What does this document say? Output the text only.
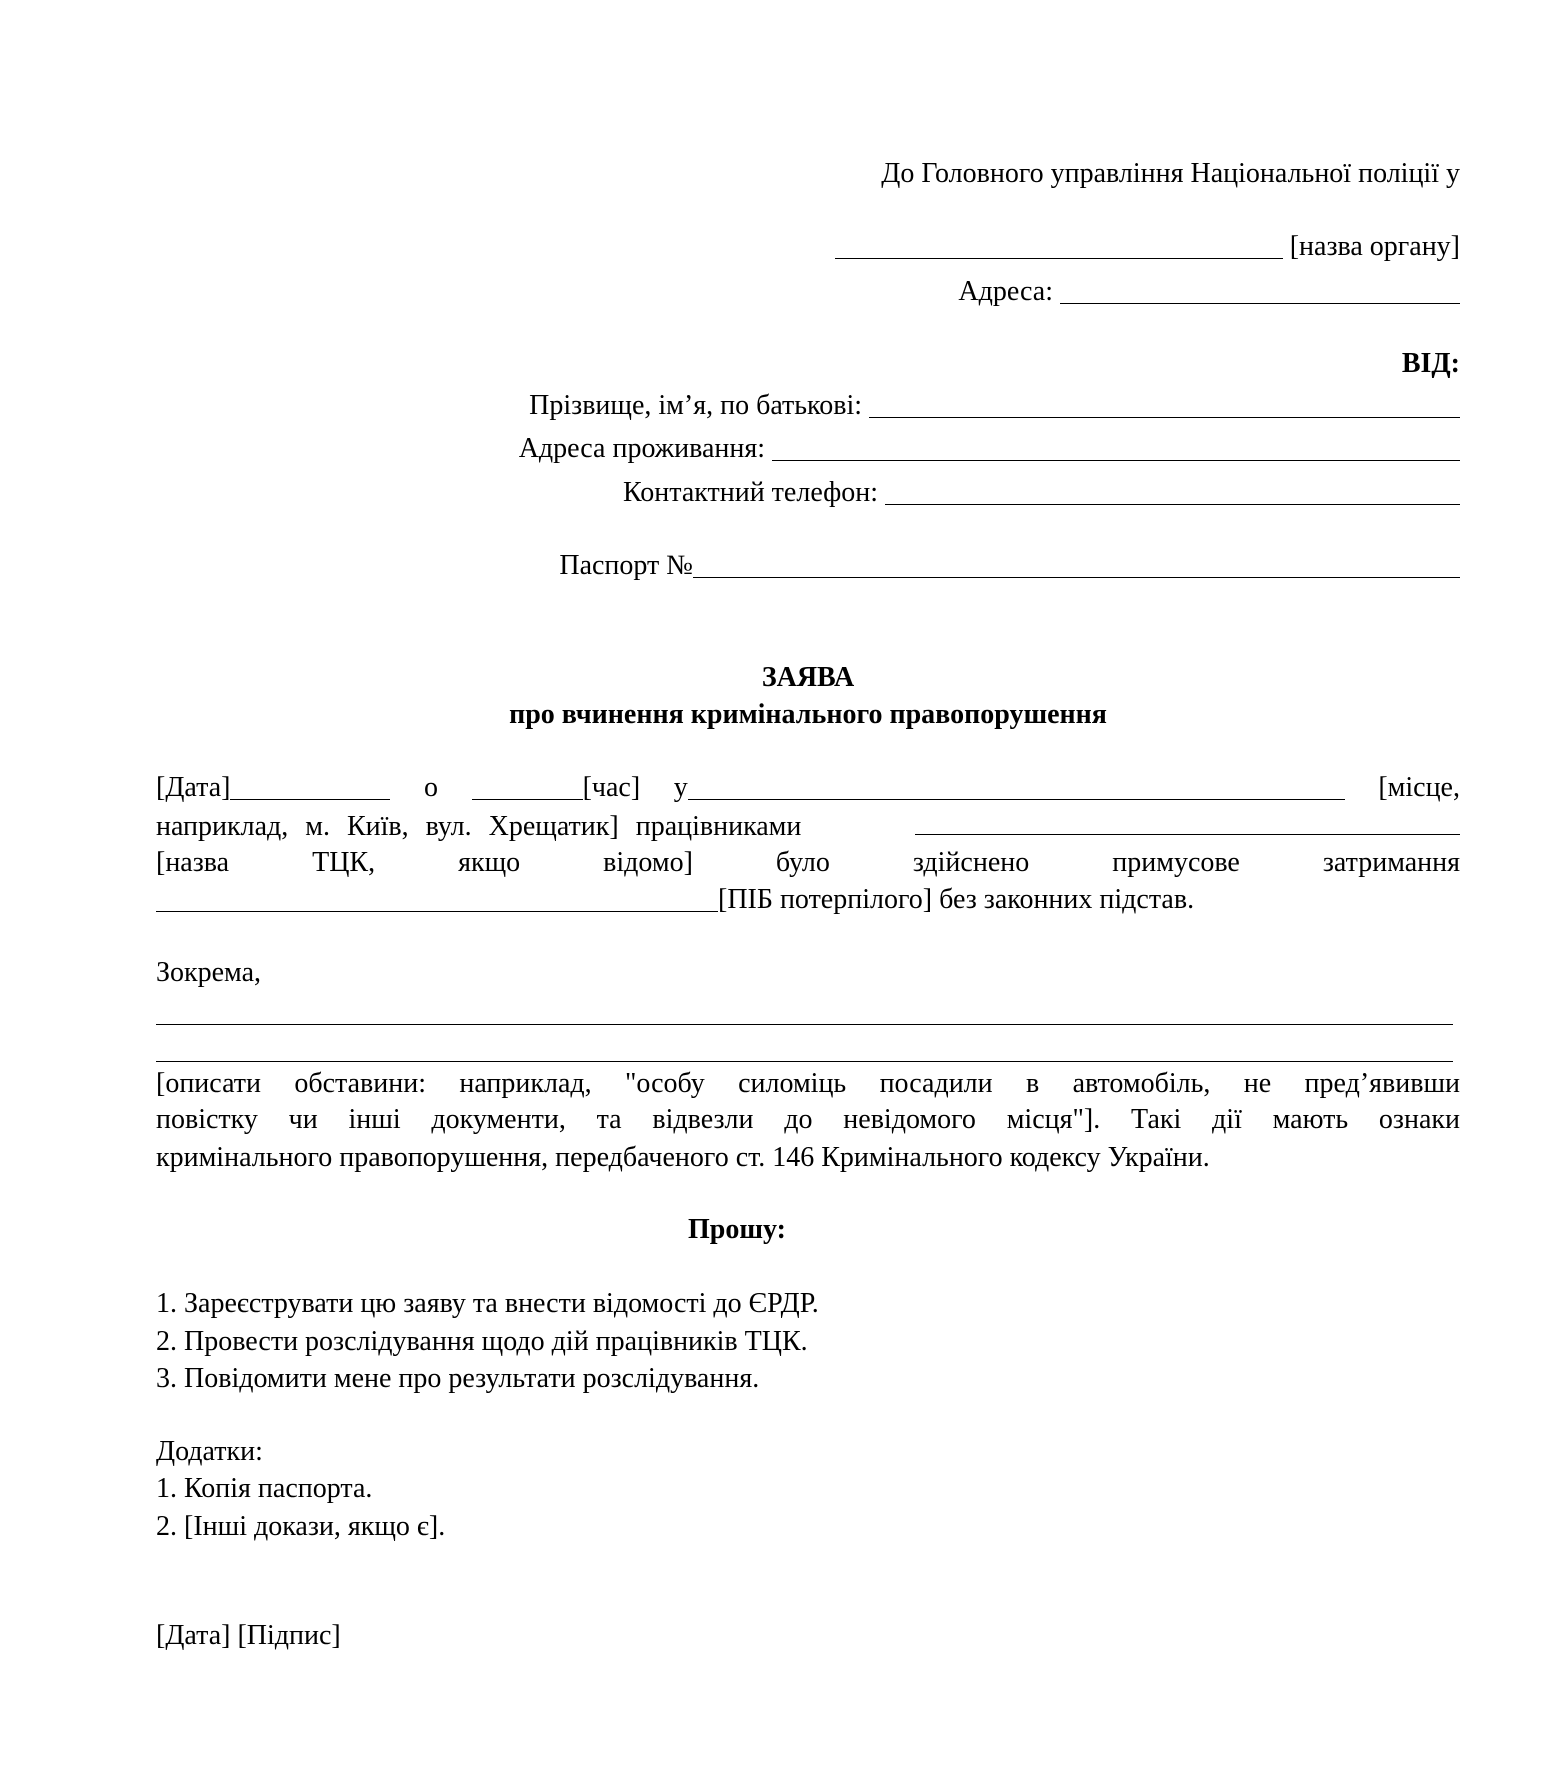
До Головного управління Національної поліції у
[назва органу]
Адреса:
ВІД:
Прізвище, ім’я, по батькові:
Адреса проживання:
Контактний телефон:
Паспорт №
ЗАЯВА
про вчинення кримінального правопорушення
[Дата]	о	[час] у	[місце,
наприклад, м. Київ, вул. Хрещатик] працівниками
[назва ТЦК, якщо відомо] було здійснено примусове затримання
[ПІБ потерпілого] без законних підстав.
Зокрема,
[описати обставини: наприклад, "особу силоміць посадили в автомобіль, не пред’явивши
повістку чи інші документи, та відвезли до невідомого місця"]. Такі дії мають ознаки
кримінального правопорушення, передбаченого ст. 146 Кримінального кодексу України.
Прошу:
1. Зареєструвати цю заяву та внести відомості до ЄРДР.
2. Провести розслідування щодо дій працівників ТЦК.
3. Повідомити мене про результати розслідування.
Додатки:
1. Копія паспорта.
2. [Інші докази, якщо є].
[Дата] [Підпис]
